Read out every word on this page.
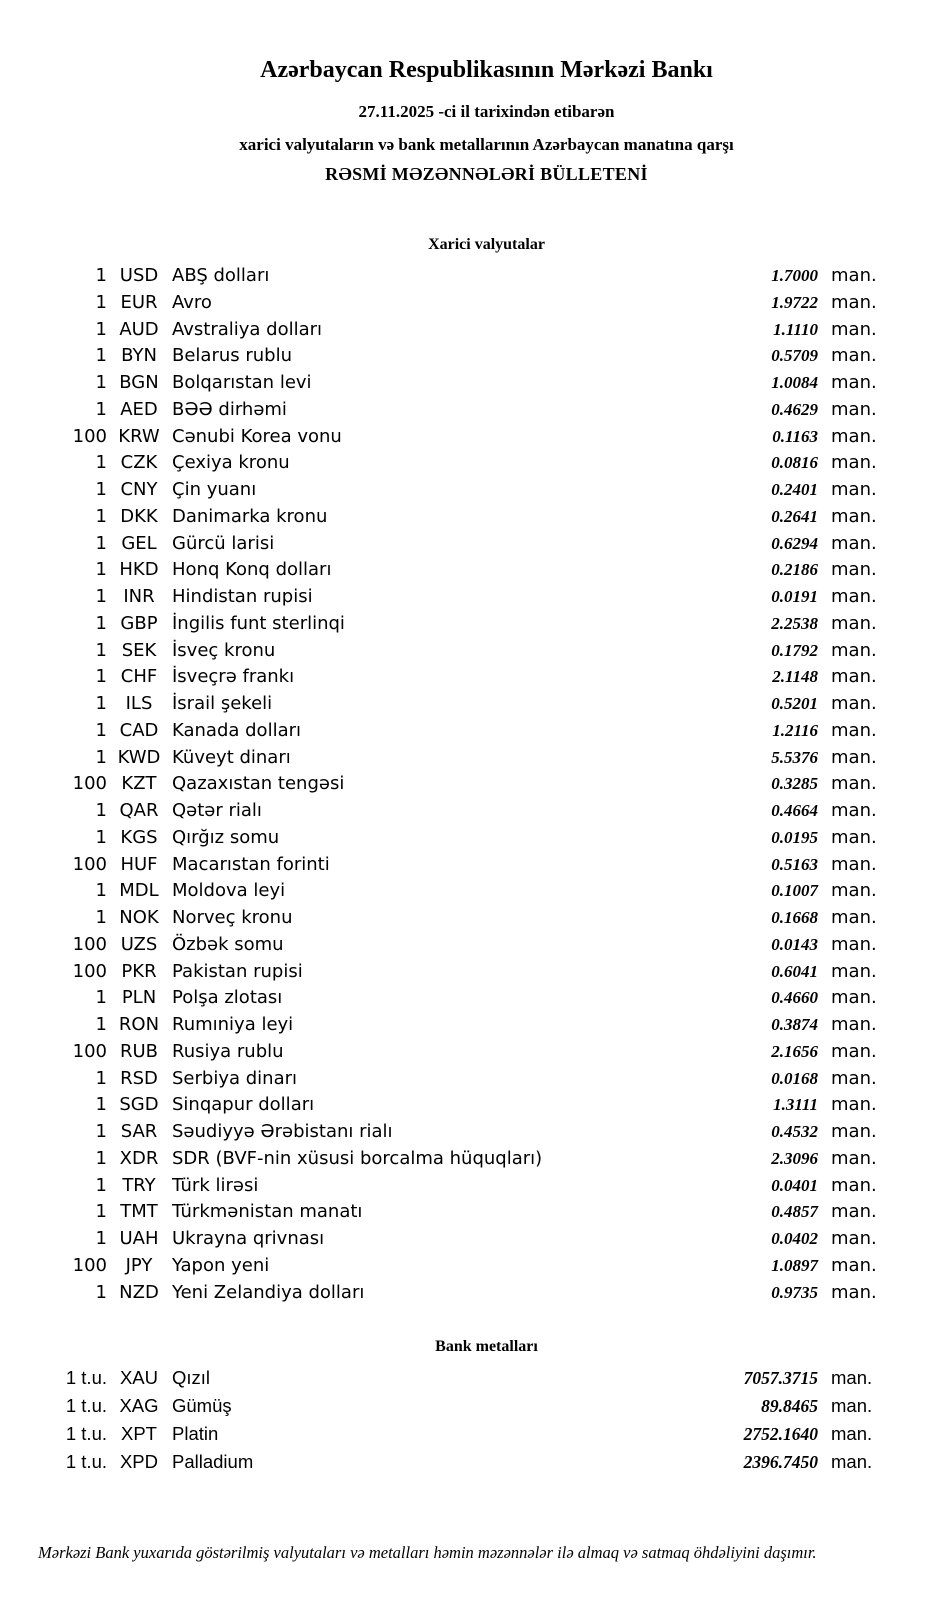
Azərbaycan Respublikasının Mərkəzi Bankı

27.11.2025 -ci il tarixindən etibarən

xarici valyutaların və bank metallarının Azərbaycan manatına qarşı

RƏSMİ MƏZƏNNƏLƏRİ BÜLLETENİ

Xarici valyutalar
1 USD ABŞ dolları	1.7000 man.
1 EUR Avro	1.9722 man.
1 AUD Avstraliya dolları	1.1110 man.
1 BYN Belarus rublu	0.5709 man.
1 BGN Bolqarıstan levi	1.0084 man.
1 AED BƏƏ dirhəmi	0.4629 man.
100 KRW Cənubi Korea vonu	0.1163 man.
1 CZK Çexiya kronu	0.0816 man.
1 CNY Çin yuanı	0.2401 man.
1 DKK Danimarka kronu	0.2641 man.
1 GEL Gürcü larisi	0.6294 man.
1 HKD Honq Konq dolları	0.2186 man.
1 INR Hindistan rupisi	0.0191 man.
1 GBP İngilis funt sterlinqi	2.2538 man.
1 SEK İsveç kronu	0.1792 man.
1 CHF İsveçrə frankı	2.1148 man.
1	ILS	İsrail şekeli	0.5201 man.
1 CAD Kanada dolları	1.2116 man.
1 KWD Küveyt dinarı	5.5376 man.
100 KZT Qazaxıstan tengəsi	0.3285 man.
1 QAR Qətər rialı	0.4664 man.
1 KGS Qırğız somu	0.0195 man.
100 HUF Macarıstan forinti	0.5163 man.
1 MDL Moldova leyi	0.1007 man.
1 NOK Norveç kronu	0.1668 man.
100 UZS Özbək somu	0.0143 man.
100 PKR Pakistan rupisi	0.6041 man.
1 PLN Polşa zlotası	0.4660 man.
1 RON Rumıniya leyi	0.3874 man.
100 RUB Rusiya rublu	2.1656 man.
1 RSD Serbiya dinarı	0.0168 man.
1 SGD Sinqapur dolları	1.3111 man.
1 SAR Səudiyyə Ərəbistanı rialı	0.4532 man.
1 XDR SDR (BVF-nin xüsusi borcalma hüquqları)	2.3096 man.
1 TRY Türk lirəsi	0.0401 man.
1 TMT Türkmənistan manatı	0.4857 man.
1 UAH Ukrayna qrivnası	0.0402 man.
100	JPY	Yapon yeni	1.0897 man.
1 NZD Yeni Zelandiya dolları	0.9735 man.
Bank metalları
1 t.u. XAU Qızıl	7057.3715 man.
1 t.u. XAG Gümüş	89.8465 man.
1 t.u. XPT Platin	2752.1640 man.
1 t.u. XPD Palladium	2396.7450 man.

Mərkəzi Bank yuxarıda göstərilmiş valyutaları və metalları həmin məzənnələr ilə almaq və satmaq öhdəliyini daşımır.
